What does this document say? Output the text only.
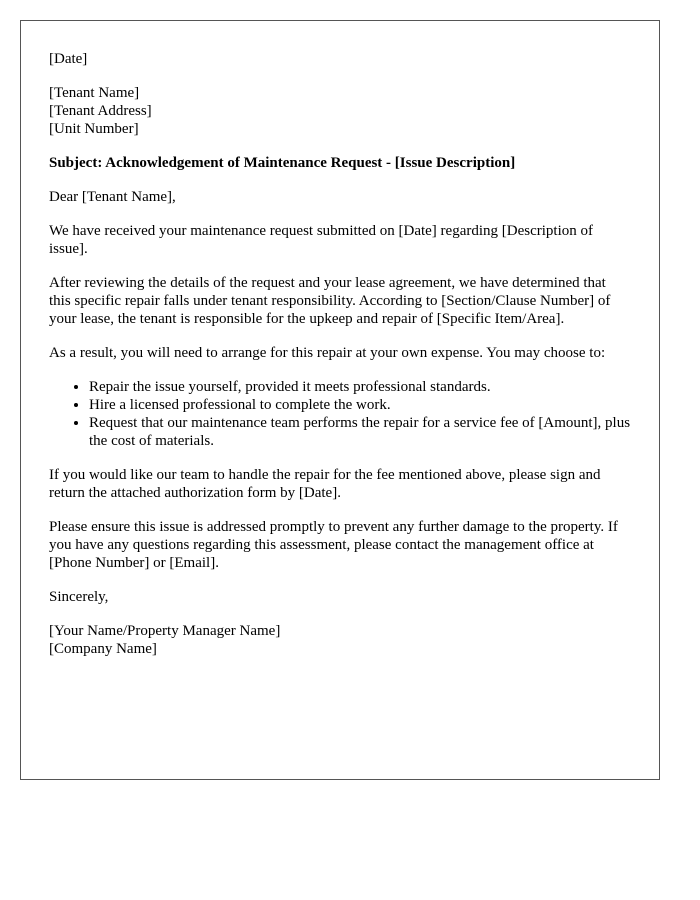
[Date]
[Tenant Name]
[Tenant Address]
[Unit Number]
Subject: Acknowledgement of Maintenance Request - [Issue Description]
Dear [Tenant Name],

We have received your maintenance request submitted on [Date] regarding [Description of issue].

After reviewing the details of the request and your lease agreement, we have determined that this specific repair falls under tenant responsibility. According to [Section/Clause Number] of your lease, the tenant is responsible for the upkeep and repair of [Specific Item/Area].

As a result, you will need to arrange for this repair at your own expense. You may choose to:

• Repair the issue yourself, provided it meets professional standards.
• Hire a licensed professional to complete the work.
• Request that our maintenance team performs the repair for a service fee of [Amount], plus the cost of materials.

If you would like our team to handle the repair for the fee mentioned above, please sign and return the attached authorization form by [Date].

Please ensure this issue is addressed promptly to prevent any further damage to the property. If you have any questions regarding this assessment, please contact the management office at [Phone Number] or [Email].

Sincerely,
[Your Name/Property Manager Name]
[Company Name]
